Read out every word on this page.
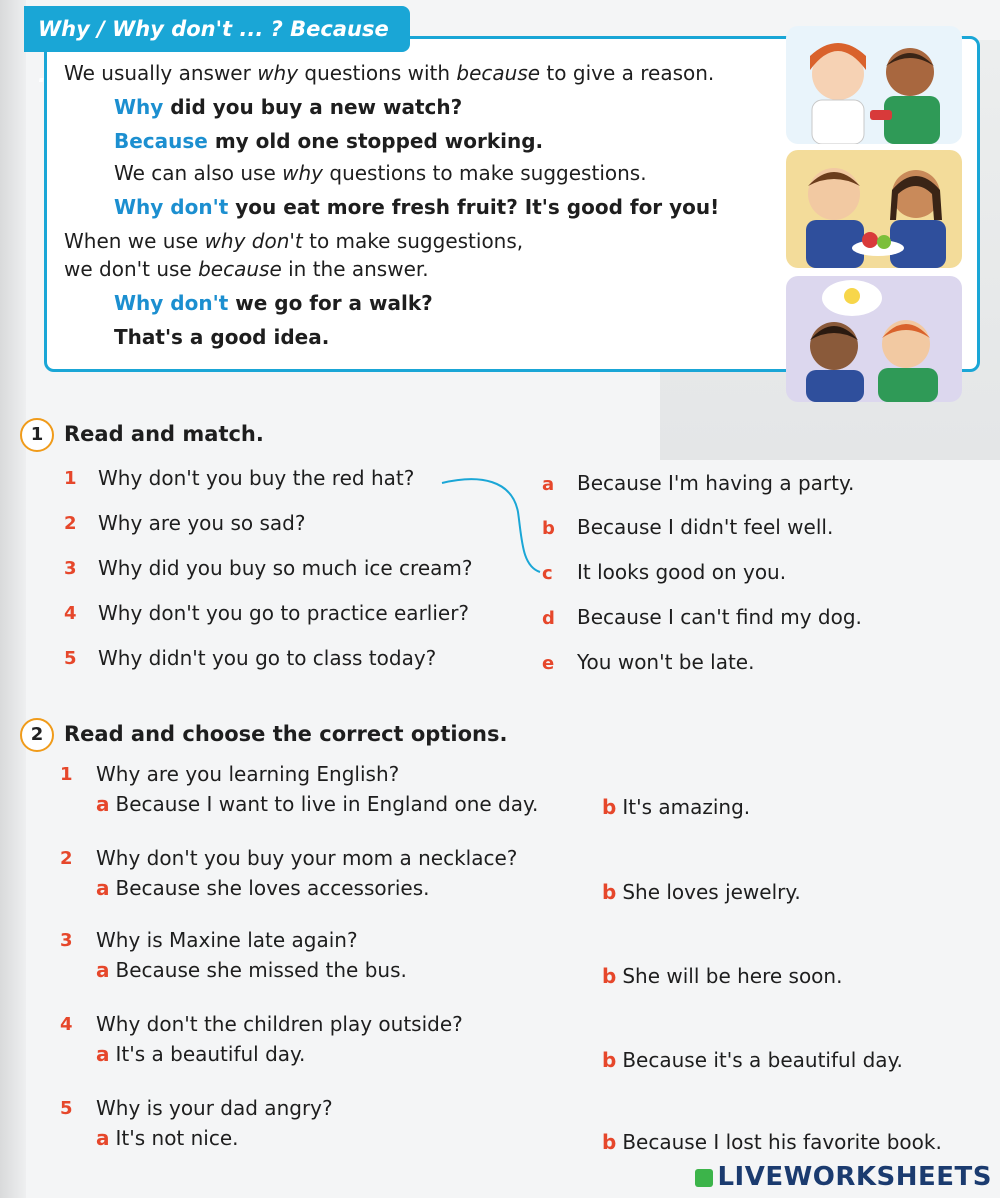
Why / Why don't ... ? Because ... We usually answer why questions with because to give a reason.
Why did you buy a new watch?
Because my old one stopped working.
We can also use why questions to make suggestions.
Why don't you eat more fresh fruit? It's good for you!
When we use why don't to make suggestions,
we don't use because in the answer.
Why don't we go for a walk?
That's a good idea.
1 Read and match.
1 Why don't you buy the red hat?
2 Why are you so sad?
3 Why did you buy so much ice cream?
4 Why don't you go to practice earlier?
5 Why didn't you go to class today?
a Because I'm having a party.
b Because I didn't feel well.
c It looks good on you.
d Because I can't find my dog.
e You won't be late.
2 Read and choose the correct options.
1 Why are you learning English?
a Because I want to live in England one day.	b It's amazing.
2 Why don't you buy your mom a necklace?
a Because she loves accessories.	b She loves jewelry.
3 Why is Maxine late again?
a Because she missed the bus.	b She will be here soon.
4 Why don't the children play outside?
a It's a beautiful day.	b Because it's a beautiful day.
5 Why is your dad angry?
a It's not nice.	b Because I lost his favorite book.
LIVEWORKSHEETS
